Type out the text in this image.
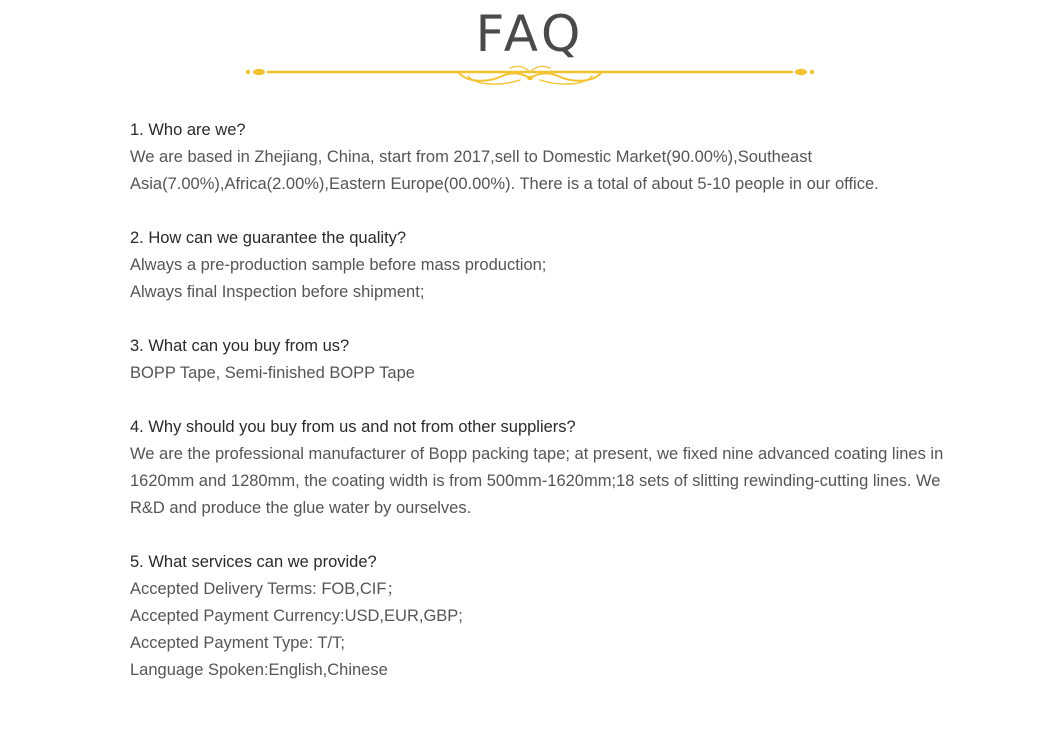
FAQ

1. Who are we?

We are based in Zhejiang, China, start from 2017,sell to Domestic Market(90.00%),Southeast Asia(7.00%),Africa(2.00%),Eastern Europe(00.00%). There is a total of about 5-10 people in our office.

2. How can we guarantee the quality?

Always a pre-production sample before mass production;

Always final Inspection before shipment;

3. What can you buy from us?

BOPP Tape, Semi-finished BOPP Tape

4. Why should you buy from us and not from other suppliers?

We are the professional manufacturer of Bopp packing tape; at present, we fixed nine advanced coating lines in 1620mm and 1280mm, the coating width is from 500mm-1620mm;18 sets of slitting rewinding-cutting lines. We R&D and produce the glue water by ourselves.

5. What services can we provide?

Accepted Delivery Terms: FOB,CIF；

Accepted Payment Currency:USD,EUR,GBP;

Accepted Payment Type: T/T;

Language Spoken:English,Chinese
